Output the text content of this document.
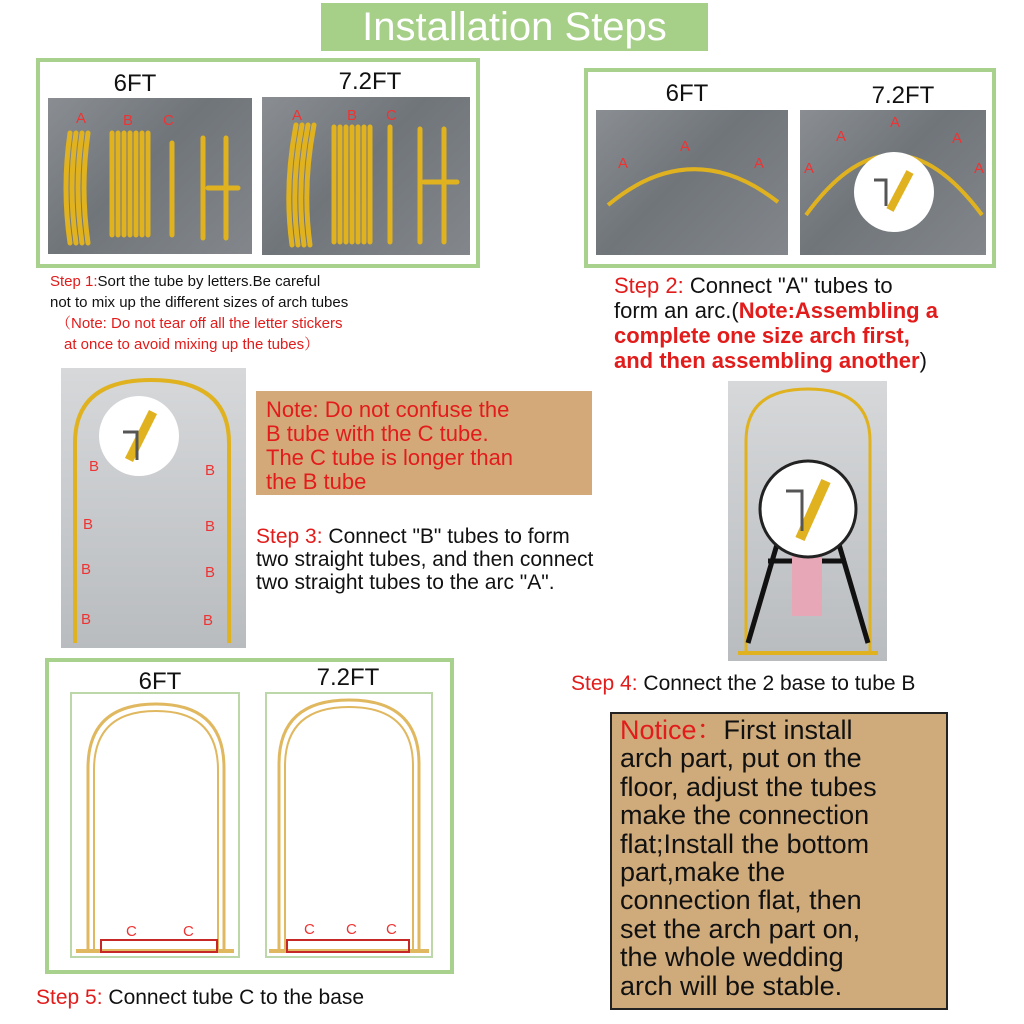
Installation Steps
6FT	7.2FT
A B C	A	B C
Step 1:Sort the tube by letters.Be careful
not to mix up the different sizes of arch tubes
（Note: Do not tear off all the letter stickers
at once to avoid mixing up the tubes）
6FT	7.2FT
A
A
A	A
A
A
A
A
Step 2: Connect "A" tubes to
form an arc.(Note:Assembling a
complete one size arch first,
and then assembling another)
B	B
B	B
B	B
B	B
Note: Do not confuse the
B tube with the C tube.
The C tube is longer than
the B tube
Step 3: Connect "B" tubes to form
two straight tubes, and then connect
two straight tubes to the arc "A".
Step 4: Connect the 2 base to tube B
6FT	7.2FT
C	C	C C C
Step 5: Connect tube C to the base
Notice：First install
arch part, put on the
floor, adjust the tubes
make the connection
flat;Install the bottom
part,make the
connection flat, then
set the arch part on,
the whole wedding
arch will be stable.
